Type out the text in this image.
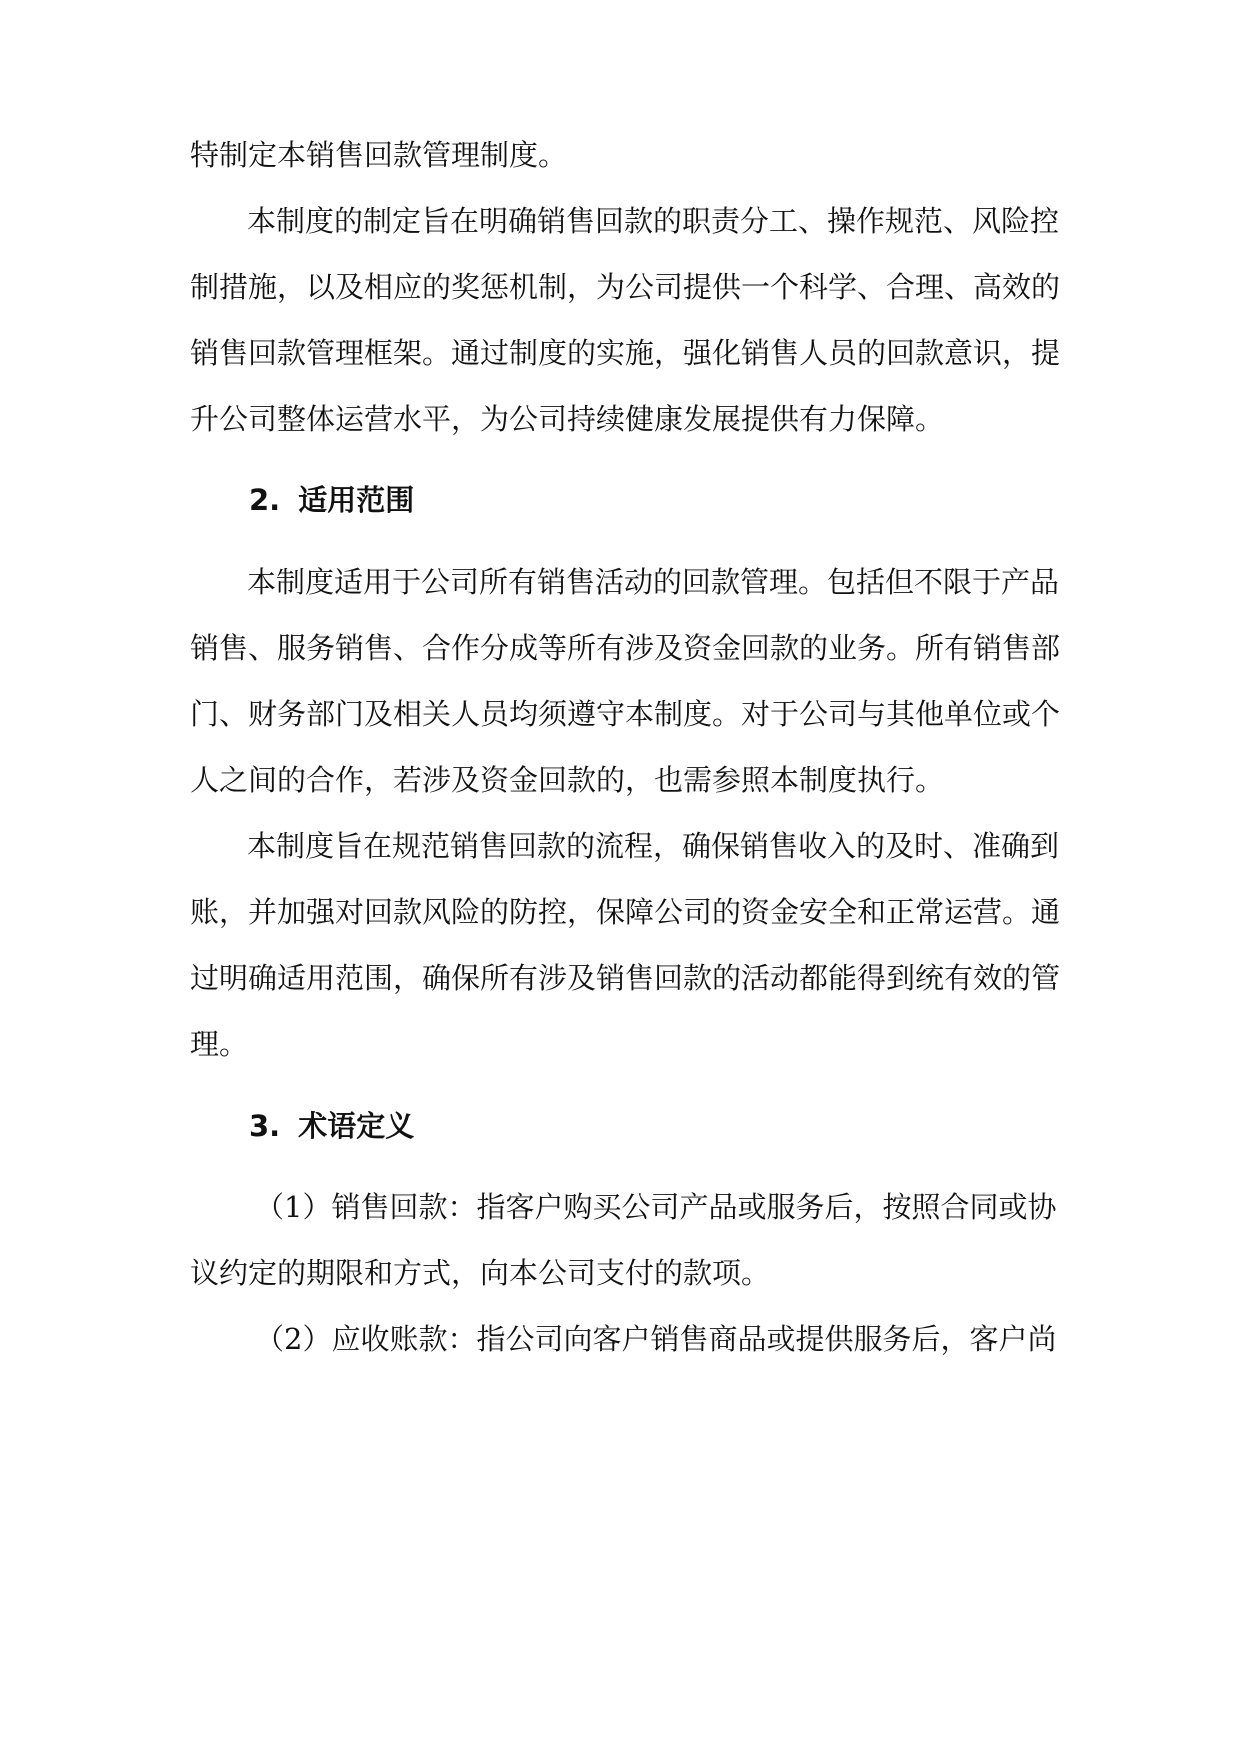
特制定本销售回款管理制度。

本制度的制定旨在明确销售回款的职责分工、操作规范、风险控

制措施，以及相应的奖惩机制，为公司提供一个科学、合理、高效的

销售回款管理框架。通过制度的实施，强化销售人员的回款意识，提

升公司整体运营水平，为公司持续健康发展提供有力保障。

2. 适用范围

本制度适用于公司所有销售活动的回款管理。包括但不限于产品

销售、服务销售、合作分成等所有涉及资金回款的业务。所有销售部

门、财务部门及相关人员均须遵守本制度。对于公司与其他单位或个

人之间的合作，若涉及资金回款的，也需参照本制度执行。

本制度旨在规范销售回款的流程，确保销售收入的及时、准确到

账，并加强对回款风险的防控，保障公司的资金安全和正常运营。通

过明确适用范围，确保所有涉及销售回款的活动都能得到统有效的管

理。

3. 术语定义

（1）销售回款：指客户购买公司产品或服务后，按照合同或协

议约定的期限和方式，向本公司支付的款项。

（2）应收账款：指公司向客户销售商品或提供服务后，客户尚
